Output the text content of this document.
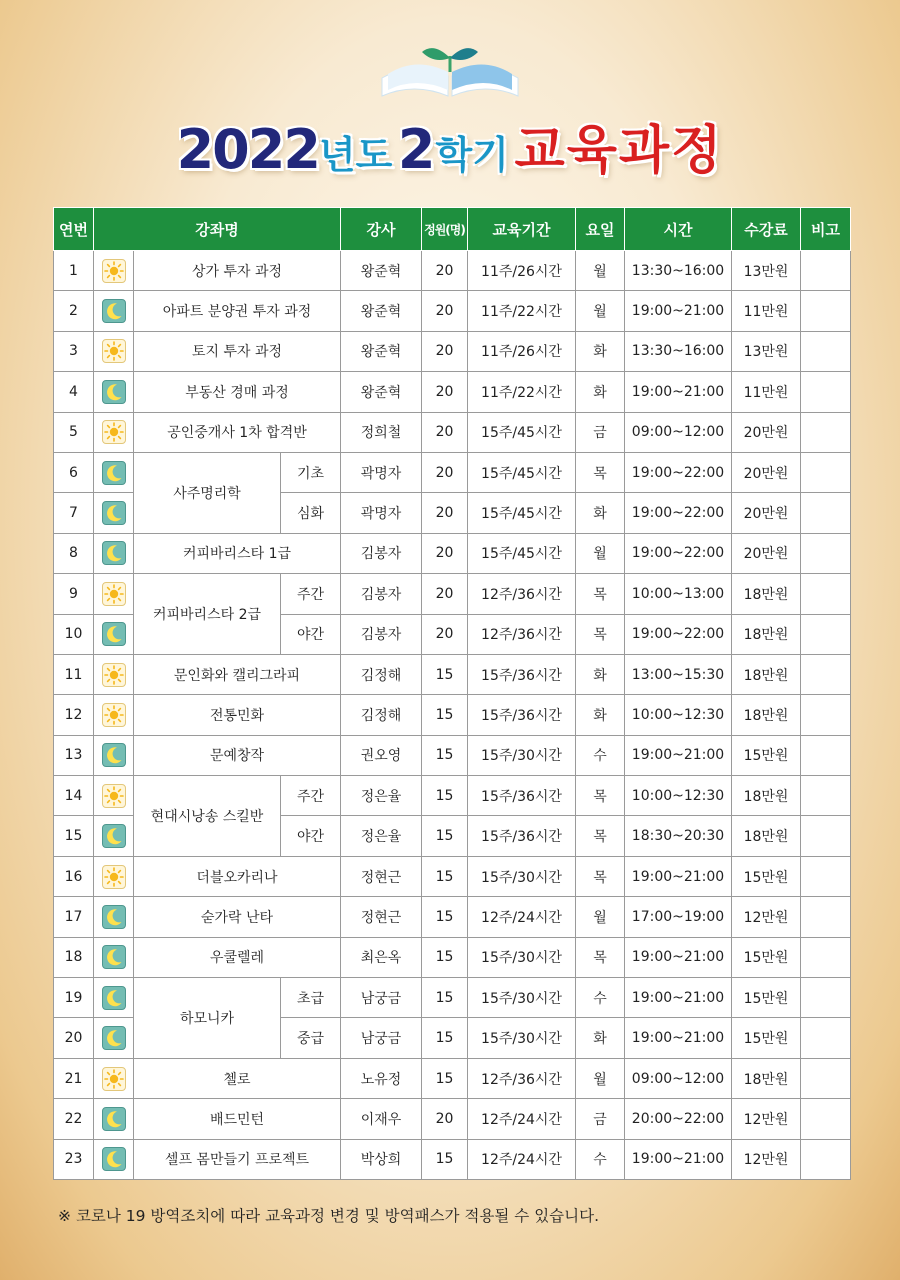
2022년도 2학기 교육과정
연번	강좌명			강사	정원(명)	교육기간	요일	시간	수강료	비고
1		상가 투자 과정		왕준혁	20	11주/26시간	월	13:30~16:00	13만원	
2		아파트 분양권 투자 과정		왕준혁	20	11주/22시간	월	19:00~21:00	11만원	
3		토지 투자 과정		왕준혁	20	11주/26시간	화	13:30~16:00	13만원	
4		부동산 경매 과정		왕준혁	20	11주/22시간	화	19:00~21:00	11만원	
5		공인중개사 1차 합격반		정희철	20	15주/45시간	금	09:00~12:00	20만원	
6		사주명리학	기초	곽명자	20	15주/45시간	목	19:00~22:00	20만원	
7			심화	곽명자	20	15주/45시간	화	19:00~22:00	20만원	
8		커피바리스타 1급		김봉자	20	15주/45시간	월	19:00~22:00	20만원	
9		커피바리스타 2급	주간	김봉자	20	12주/36시간	목	10:00~13:00	18만원	
10			야간	김봉자	20	12주/36시간	목	19:00~22:00	18만원	
11		문인화와 캘리그라피		김정해	15	15주/36시간	화	13:00~15:30	18만원	
12		전통민화		김정해	15	15주/36시간	화	10:00~12:30	18만원	
13		문예창작		권오영	15	15주/30시간	수	19:00~21:00	15만원	
14		현대시낭송 스킬반	주간	정은율	15	15주/36시간	목	10:00~12:30	18만원	
15			야간	정은율	15	15주/36시간	목	18:30~20:30	18만원	
16		더블오카리나		정현근	15	15주/30시간	목	19:00~21:00	15만원	
17		숟가락 난타		정현근	15	12주/24시간	월	17:00~19:00	12만원	
18		우쿨렐레		최은옥	15	15주/30시간	목	19:00~21:00	15만원	
19		하모니카	초급	남궁금	15	15주/30시간	수	19:00~21:00	15만원	
20			중급	남궁금	15	15주/30시간	화	19:00~21:00	15만원	
21		첼로		노유정	15	12주/36시간	월	09:00~12:00	18만원	
22		배드민턴		이재우	20	12주/24시간	금	20:00~22:00	12만원	
23		셀프 몸만들기 프로젝트		박상희	15	12주/24시간	수	19:00~21:00	12만원	
※ 코로나 19 방역조치에 따라 교육과정 변경 및 방역패스가 적용될 수 있습니다.
